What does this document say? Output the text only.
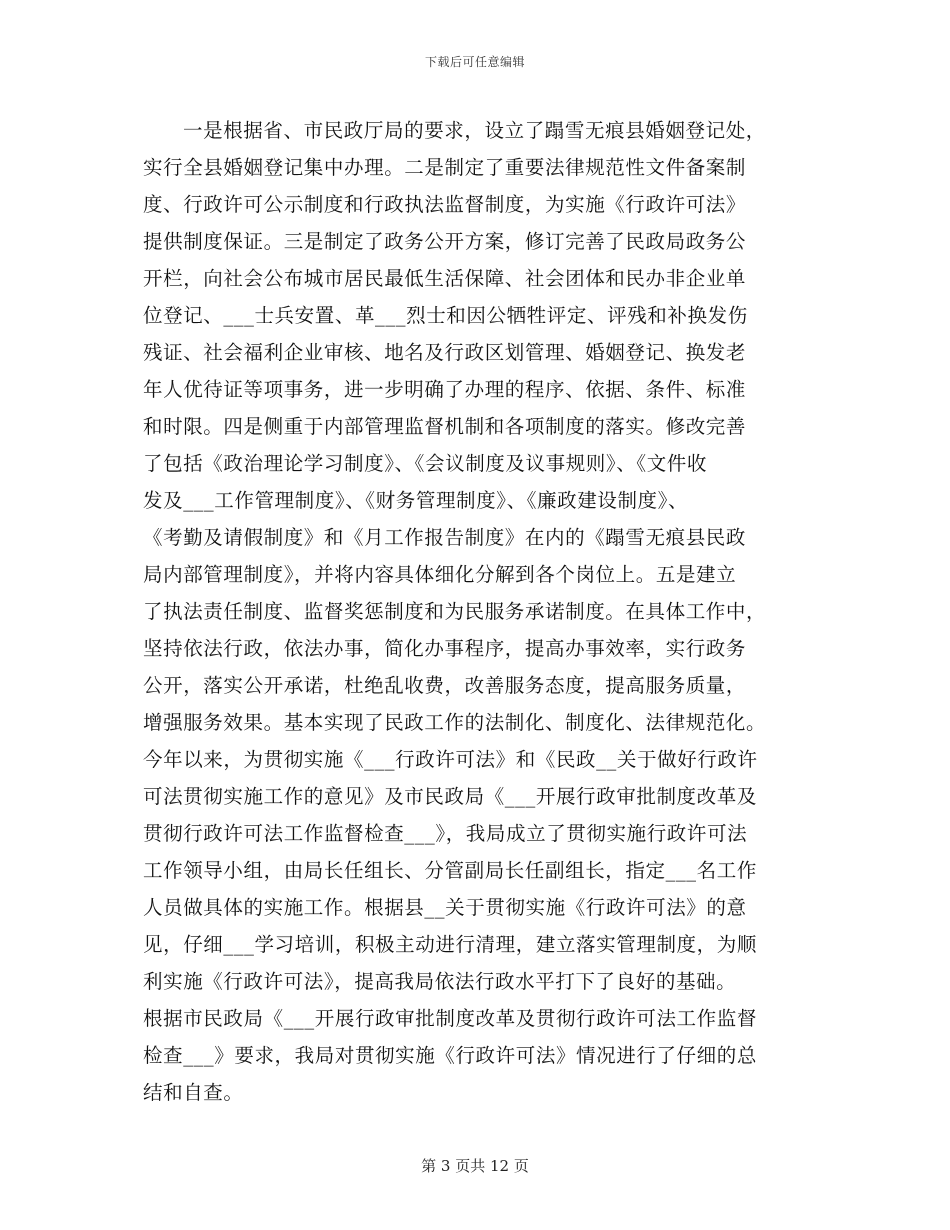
下载后可任意编辑
一是根据省、市民政厅局的要求，设立了蹋雪无痕县婚姻登记处，
实行全县婚姻登记集中办理。二是制定了重要法律规范性文件备案制
度、行政许可公示制度和行政执法监督制度，为实施《行政许可法》
提供制度保证。三是制定了政务公开方案，修订完善了民政局政务公
开栏，向社会公布城市居民最低生活保障、社会团体和民办非企业单
位登记、___士兵安置、革___烈士和因公牺牲评定、评残和补换发伤
残证、社会福利企业审核、地名及行政区划管理、婚姻登记、换发老
年人优待证等项事务，进一步明确了办理的程序、依据、条件、标准
和时限。四是侧重于内部管理监督机制和各项制度的落实。修改完善
了包括《政治理论学习制度》、《会议制度及议事规则》、《文件收
发及___工作管理制度》、《财务管理制度》、《廉政建设制度》、
《考勤及请假制度》和《月工作报告制度》在内的《蹋雪无痕县民政
局内部管理制度》，并将内容具体细化分解到各个岗位上。五是建立
了执法责任制度、监督奖惩制度和为民服务承诺制度。在具体工作中，
坚持依法行政，依法办事，简化办事程序，提高办事效率，实行政务
公开，落实公开承诺，杜绝乱收费，改善服务态度，提高服务质量，
增强服务效果。基本实现了民政工作的法制化、制度化、法律规范化。
今年以来，为贯彻实施《___行政许可法》和《民政__关于做好行政许
可法贯彻实施工作的意见》及市民政局《___开展行政审批制度改革及
贯彻行政许可法工作监督检查___》，我局成立了贯彻实施行政许可法
工作领导小组，由局长任组长、分管副局长任副组长，指定___名工作
人员做具体的实施工作。根据县__关于贯彻实施《行政许可法》的意
见，仔细___学习培训，积极主动进行清理，建立落实管理制度，为顺
利实施《行政许可法》，提高我局依法行政水平打下了良好的基础。
根据市民政局《___开展行政审批制度改革及贯彻行政许可法工作监督
检查___》要求，我局对贯彻实施《行政许可法》情况进行了仔细的总
结和自查。
第 3 页共 12 页
